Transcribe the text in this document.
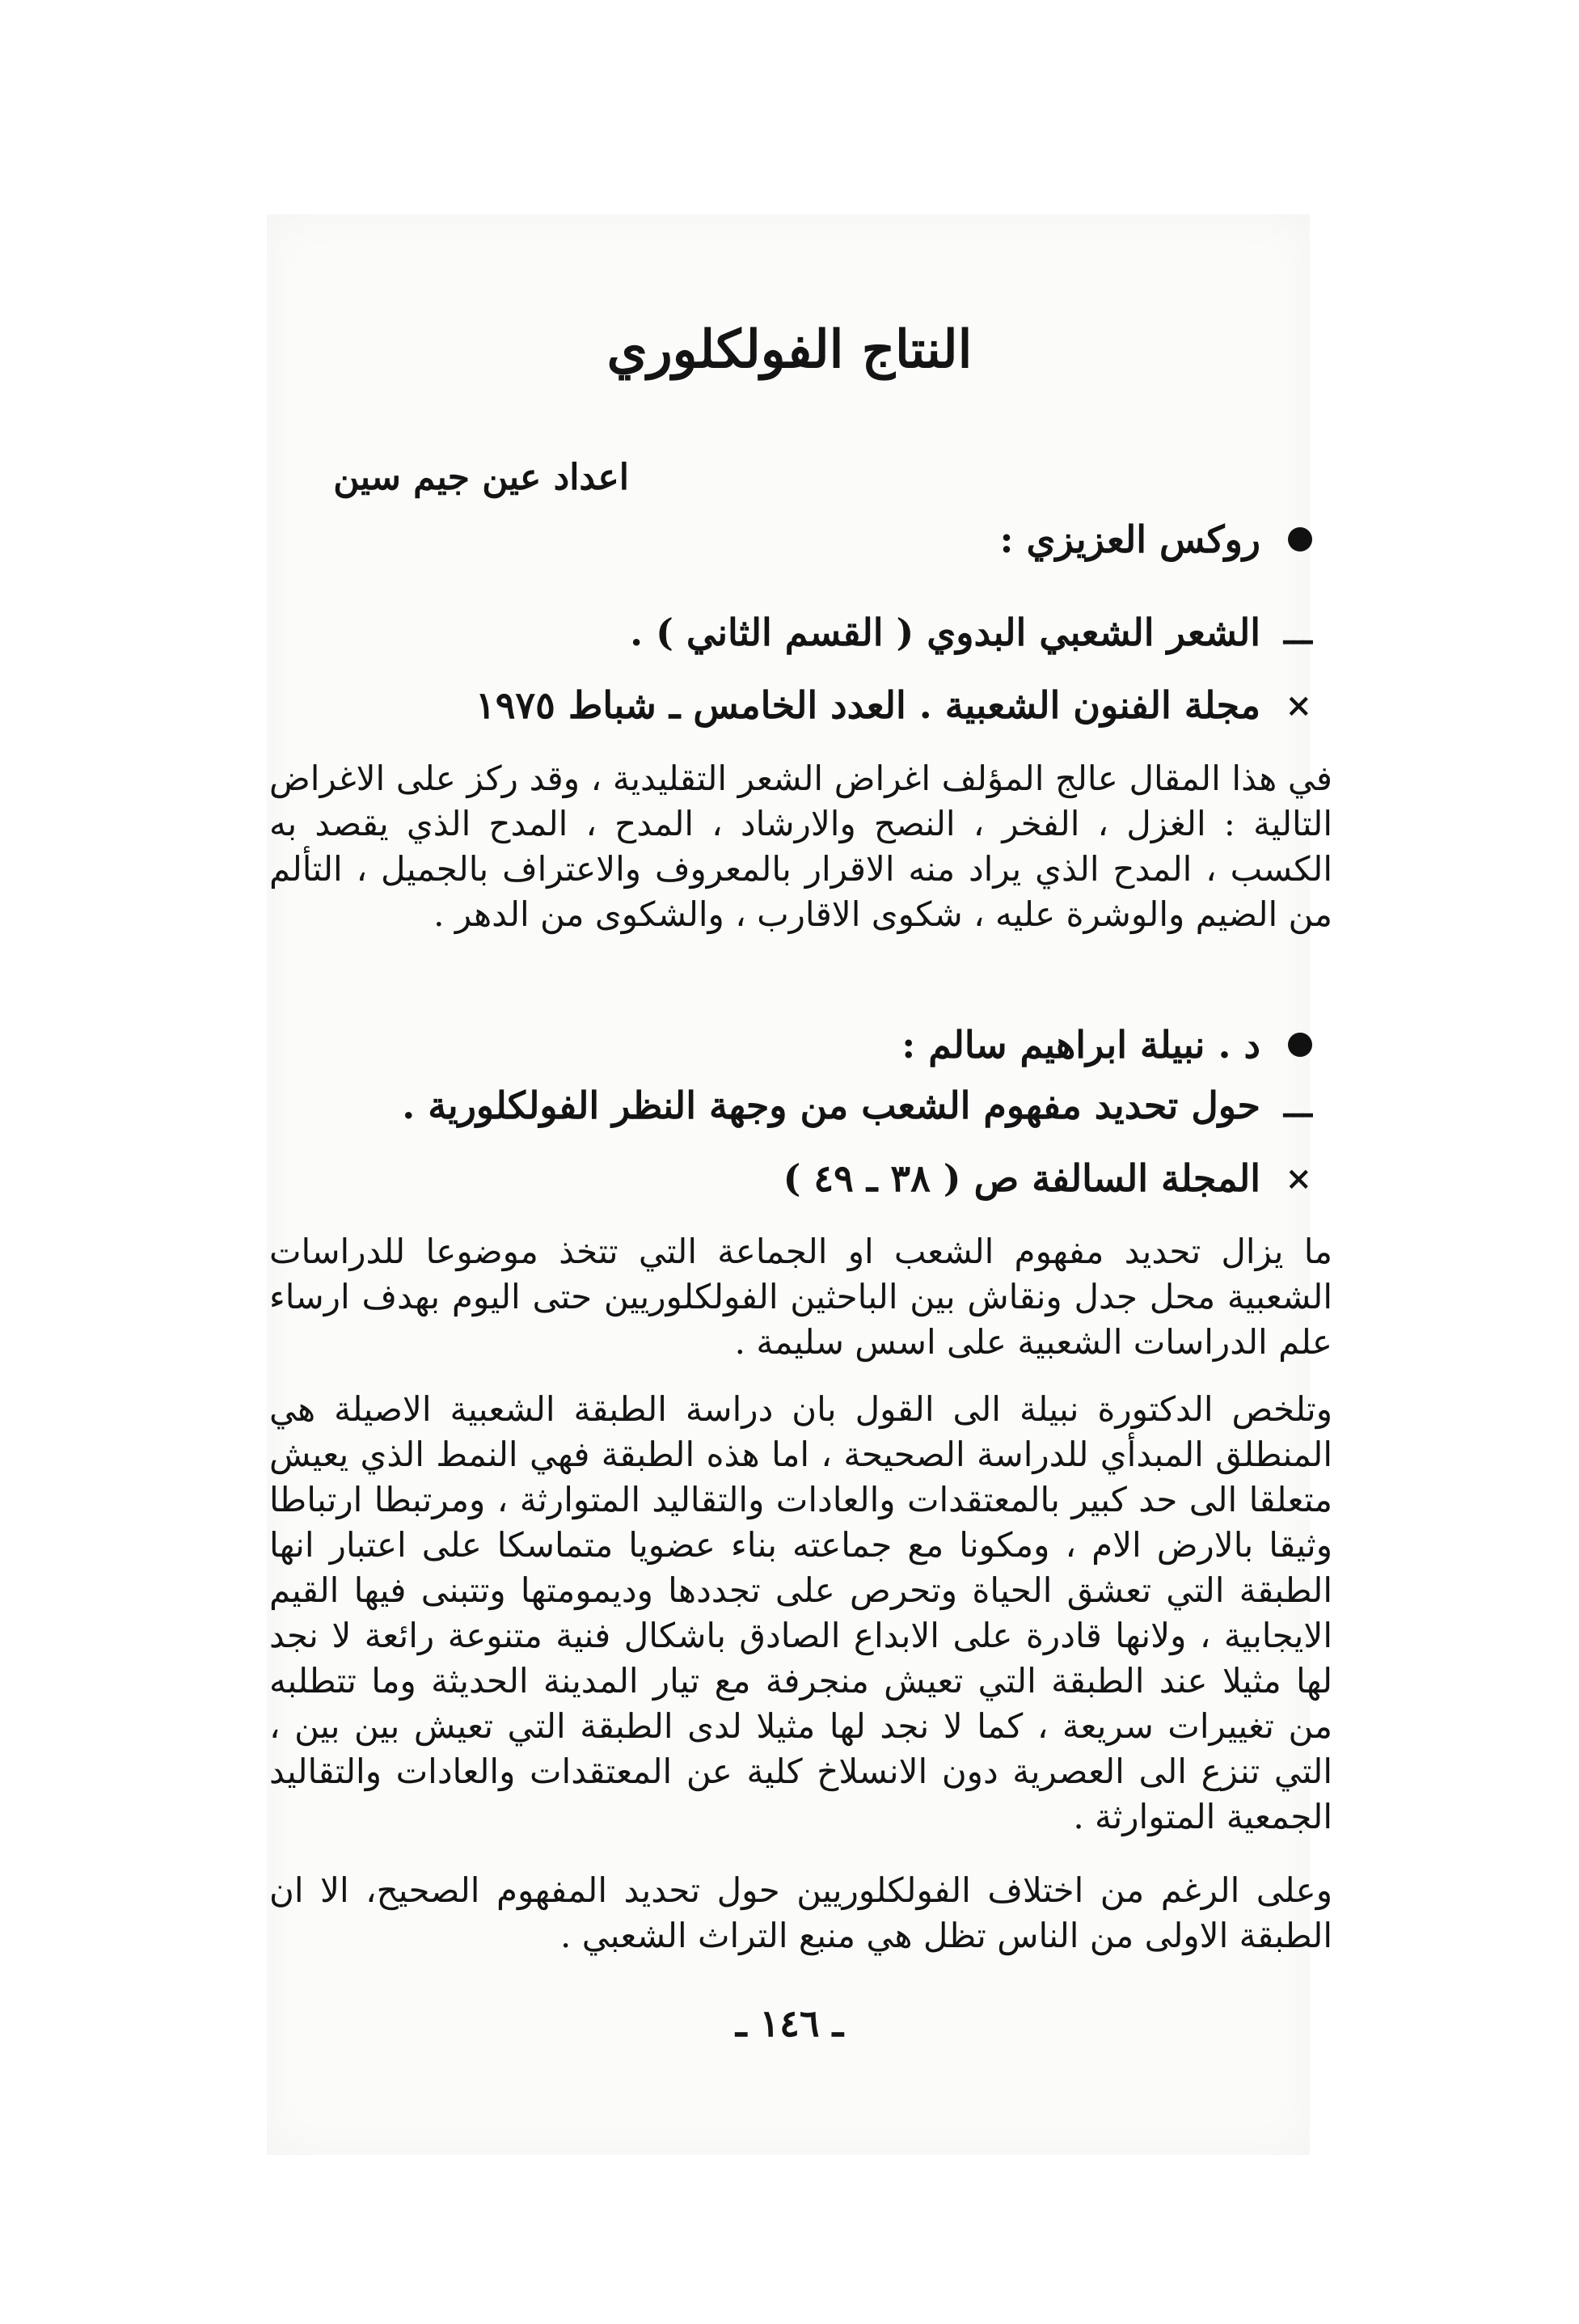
النتاج الفولكلوري
اعداد عين جيم سين
روكس العزيزي :
ـــ
الشعر الشعبي البدوي ( القسم الثاني ) .
×
مجلة الفنون الشعبية . العدد الخامس ـ شباط ١٩٧٥

في هذا المقال عالج المؤلف اغراض الشعر التقليدية ، وقد ركز على الاغراض التالية : الغزل ، الفخر ، النصح والارشاد ، المدح ، المدح الذي يقصد به الكسب ، المدح الذي يراد منه الاقرار بالمعروف والاعتراف بالجميل ، التألم من الضيم والوشرة عليه ، شكوى الاقارب ، والشكوى من الدهر .

د . نبيلة ابراهيم سالم :
ـــ
حول تحديد مفهوم الشعب من وجهة النظر الفولكلورية .
×
المجلة السالفة ص ( ٣٨ ـ ٤٩ )

ما يزال تحديد مفهوم الشعب او الجماعة التي تتخذ موضوعا للدراسات الشعبية محل جدل ونقاش بين الباحثين الفولكلوريين حتى اليوم بهدف ارساء علم الدراسات الشعبية على اسس سليمة .

وتلخص الدكتورة نبيلة الى القول بان دراسة الطبقة الشعبية الاصيلة هي المنطلق المبدأي للدراسة الصحيحة ، اما هذه الطبقة فهي النمط الذي يعيش متعلقا الى حد كبير بالمعتقدات والعادات والتقاليد المتوارثة ، ومرتبطا ارتباطا وثيقا بالارض الام ، ومكونا مع جماعته بناء عضويا متماسكا على اعتبار انها الطبقة التي تعشق الحياة وتحرص على تجددها وديمومتها وتتبنى فيها القيم الايجابية ، ولانها قادرة على الابداع الصادق باشكال فنية متنوعة رائعة لا نجد لها مثيلا عند الطبقة التي تعيش منجرفة مع تيار المدينة الحديثة وما تتطلبه من تغييرات سريعة ، كما لا نجد لها مثيلا لدى الطبقة التي تعيش بين بين ، التي تنزع الى العصرية دون الانسلاخ كلية عن المعتقدات والعادات والتقاليد الجمعية المتوارثة .

وعلى الرغم من اختلاف الفولكلوريين حول تحديد المفهوم الصحيح، الا ان الطبقة الاولى من الناس تظل هي منبع التراث الشعبي .

ـ ١٤٦ ـ
